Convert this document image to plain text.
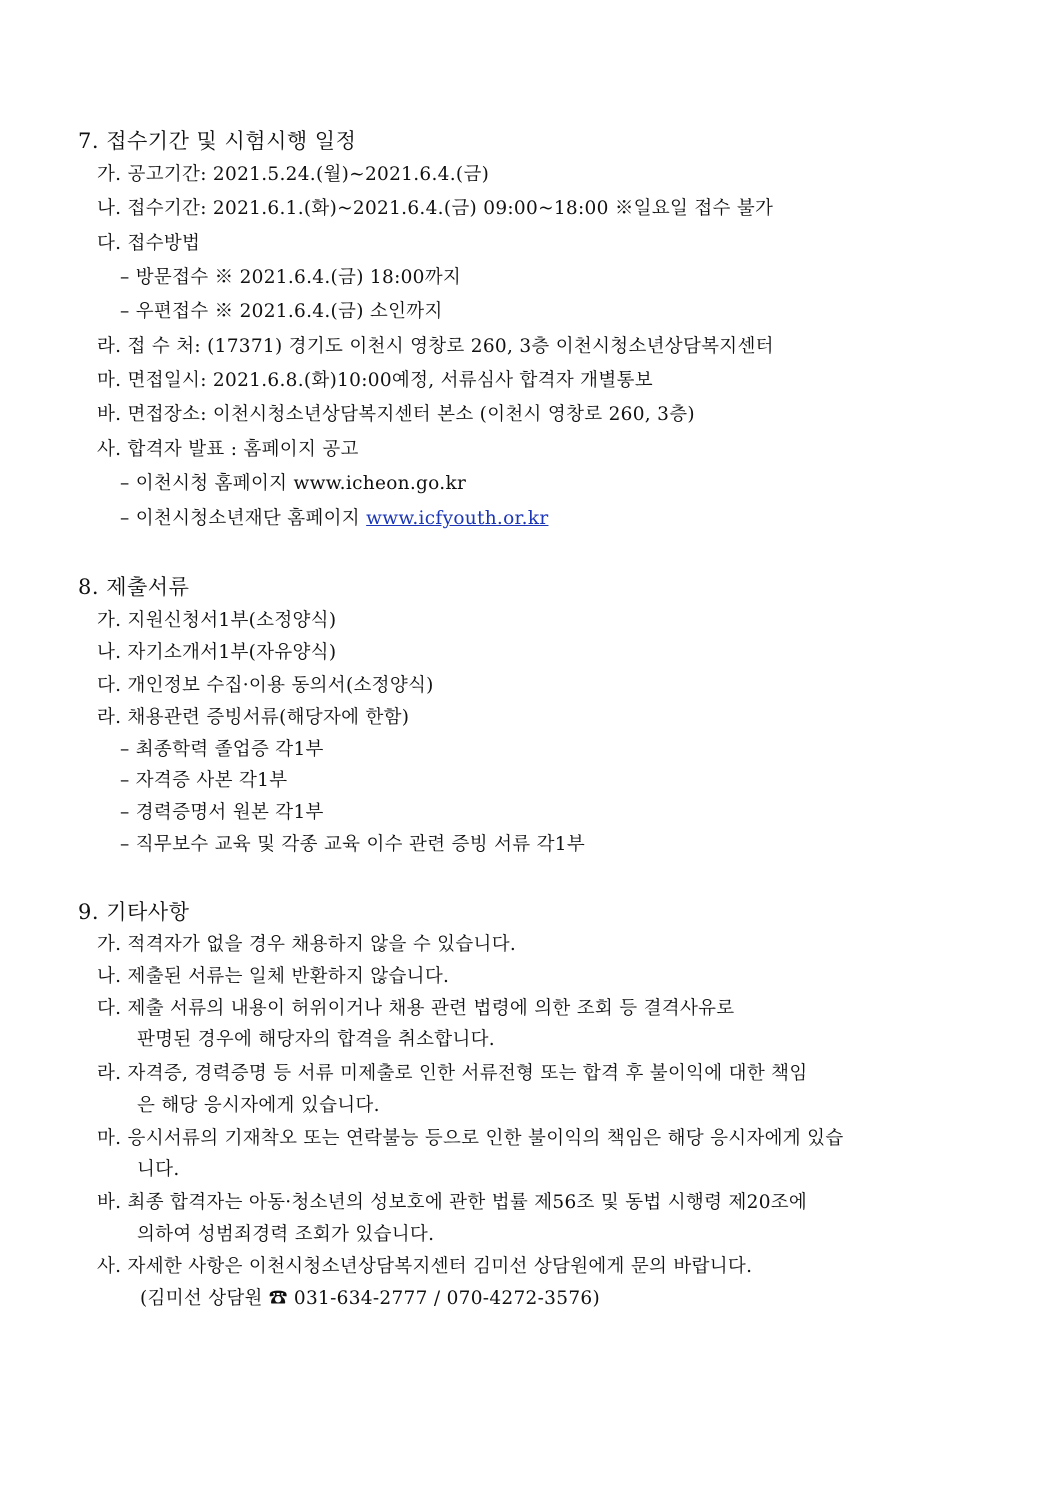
7. 접수기간 및 시험시행 일정
가. 공고기간: 2021.5.24.(월)∼2021.6.4.(금)
나. 접수기간: 2021.6.1.(화)~2021.6.4.(금) 09:00~18:00 ※일요일 접수 불가
다. 접수방법
– 방문접수 ※ 2021.6.4.(금) 18:00까지
– 우편접수 ※ 2021.6.4.(금) 소인까지
라. 접 수 처: (17371) 경기도 이천시 영창로 260, 3층 이천시청소년상담복지센터
마. 면접일시: 2021.6.8.(화)10:00예정, 서류심사 합격자 개별통보
바. 면접장소: 이천시청소년상담복지센터 본소 (이천시 영창로 260, 3층)
사. 합격자 발표 : 홈페이지 공고
– 이천시청 홈페이지 www.icheon.go.kr
– 이천시청소년재단 홈페이지 www.icfyouth.or.kr
8. 제출서류
가. 지원신청서1부(소정양식)
나. 자기소개서1부(자유양식)
다. 개인정보 수집·이용 동의서(소정양식)
라. 채용관련 증빙서류(해당자에 한함)
– 최종학력 졸업증 각1부
– 자격증 사본 각1부
– 경력증명서 원본 각1부
– 직무보수 교육 및 각종 교육 이수 관련 증빙 서류 각1부
9. 기타사항
가. 적격자가 없을 경우 채용하지 않을 수 있습니다.
나. 제출된 서류는 일체 반환하지 않습니다.
다. 제출 서류의 내용이 허위이거나 채용 관련 법령에 의한 조회 등 결격사유로
판명된 경우에 해당자의 합격을 취소합니다.
라. 자격증, 경력증명 등 서류 미제출로 인한 서류전형 또는 합격 후 불이익에 대한 책임
은 해당 응시자에게 있습니다.
마. 응시서류의 기재착오 또는 연락불능 등으로 인한 불이익의 책임은 해당 응시자에게 있습
니다.
바. 최종 합격자는 아동·청소년의 성보호에 관한 법률 제56조 및 동법 시행령 제20조에
의하여 성범죄경력 조회가 있습니다.
사. 자세한 사항은 이천시청소년상담복지센터 김미선 상담원에게 문의 바랍니다.
(김미선 상담원 ☎ 031-634-2777 / 070-4272-3576)
